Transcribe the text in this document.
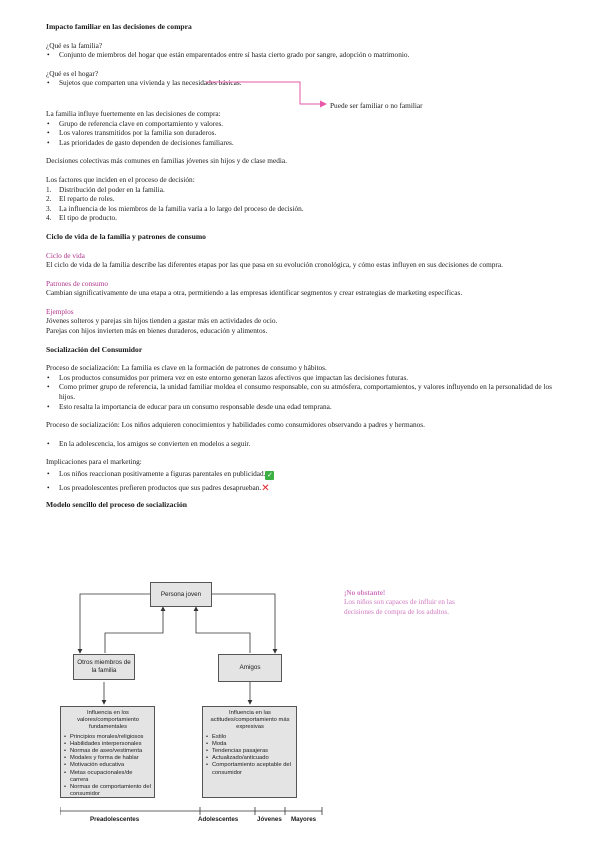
Impacto familiar en las decisiones de compra

¿Qué es la familia?

• Conjunto de miembros del hogar que están emparentados entre sí hasta cierto grado por sangre, adopción o matrimonio.

¿Qué es el hogar?

• Sujetos que comparten una vivienda y las necesidades básicas.

La familia influye fuertemente en las decisiones de compra:

• Grupo de referencia clave en comportamiento y valores.
• Los valores transmitidos por la familia son duraderos.
• Las prioridades de gasto dependen de decisiones familiares.

Decisiones colectivas más comunes en familias jóvenes sin hijos y de clase media.

Los factores que inciden en el proceso de decisión:

1.	Distribución del poder en la familia.
2.	El reparto de roles.
3.	La influencia de los miembros de la familia varía a lo largo del proceso de decisión.
4.	El tipo de producto.

Ciclo de vida de la familia y patrones de consumo

Ciclo de vida

El ciclo de vida de la familia describe las diferentes etapas por las que pasa en su evolución cronológica, y cómo estas influyen en sus decisiones de compra.

Patrones de consumo

Cambian significativamente de una etapa a otra, permitiendo a las empresas identificar segmentos y crear estrategias de marketing específicas.

Ejemplos

Jóvenes solteros y parejas sin hijos tienden a gastar más en actividades de ocio.

Parejas con hijos invierten más en bienes duraderos, educación y alimentos.

Socialización del Consumidor

Proceso de socialización: La familia es clave en la formación de patrones de consumo y hábitos.

• Los productos consumidos por primera vez en este entorno generan lazos afectivos que impactan las decisiones futuras.
• Como primer grupo de referencia, la unidad familiar moldea el consumo responsable, con su atmósfera, comportamientos, y valores influyendo en la personalidad de los hijos.
• Esto resalta la importancia de educar para un consumo responsable desde una edad temprana.

Proceso de socialización: Los niños adquieren conocimientos y habilidades como consumidores observando a padres y hermanos.

• En la adolescencia, los amigos se convierten en modelos a seguir.

Implicaciones para el marketing:

• Los niños reaccionan positivamente a figuras parentales en publicidad. ✓
• Los preadolescentes prefieren productos que sus padres desaprueban.✕

Modelo sencillo del proceso de socialización

Puede ser familiar o no familiar
¡No obstante!
Los niños son capaces de influir en las decisiones de compra de los adultos.
Persona joven
Otros miembros de la familia	Amigos
Influencia en los valores/comportamiento fundamentales
• Principios morales/religiosos
• Habilidades interpersonales
• Normas de aseo/vestimenta
• Modales y forma de hablar
• Motivación educativa
• Metas ocupacionales/de carrera
• Normas de comportamiento del consumidor
Influencia en las actitudes/comportamiento más expresivas
• Estilo
• Moda
• Tendencias pasajeras
• Actualizado/anticuado
• Comportamiento aceptable del consumidor
Preadolescentes	Adolescentes	Jóvenes Mayores
